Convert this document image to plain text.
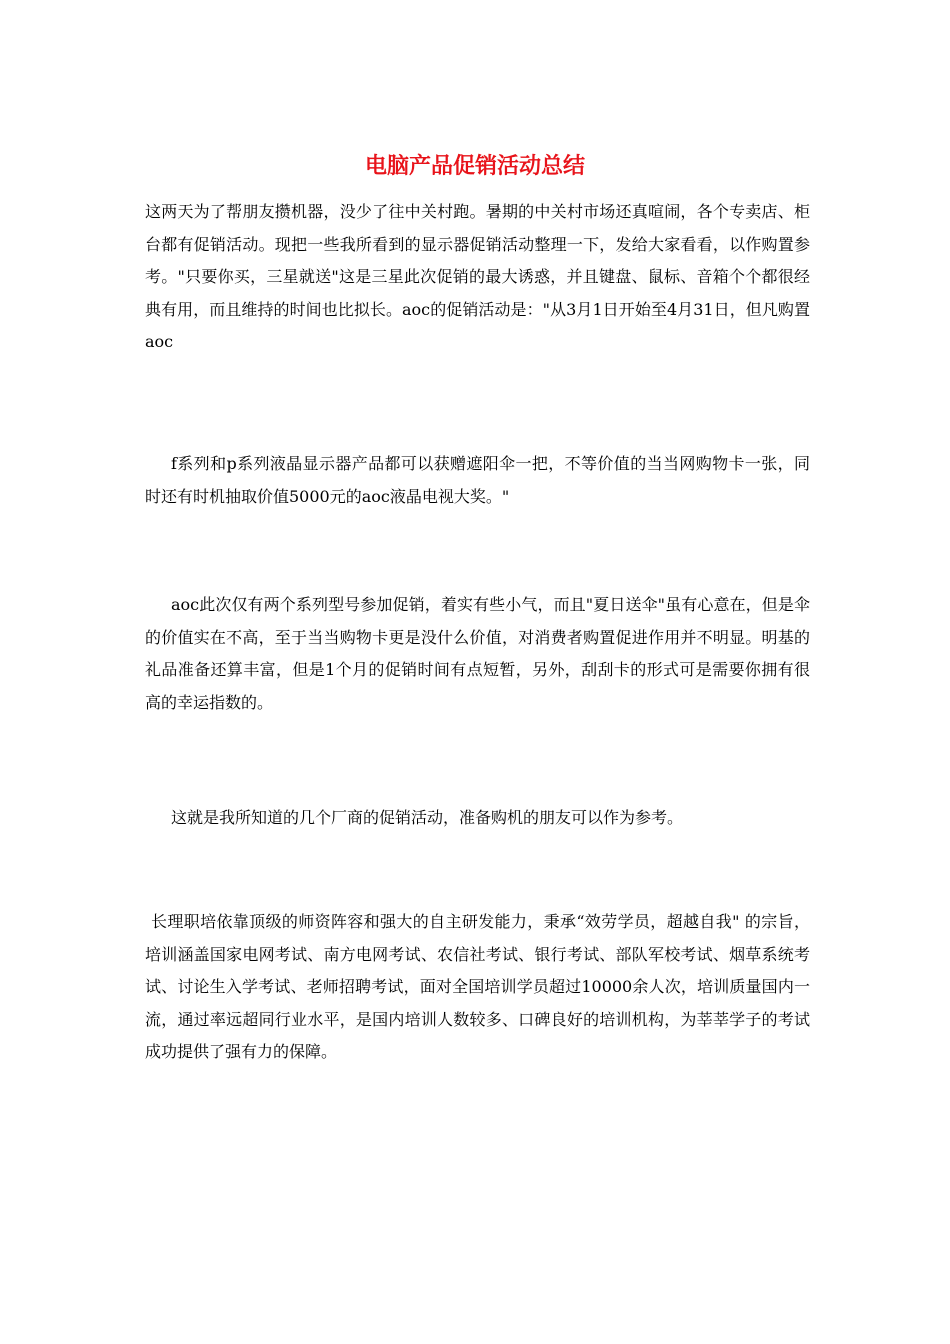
电脑产品促销活动总结

这两天为了帮朋友攒机器，没少了往中关村跑。暑期的中关村市场还真喧闹，各个专卖店、柜台都有促销活动。现把一些我所看到的显示器促销活动整理一下，发给大家看看，以作购置参考。"只要你买，三星就送"这是三星此次促销的最大诱惑，并且键盘、鼠标、音箱个个都很经典有用，而且维持的时间也比拟长。aoc的促销活动是："从3月1日开始至4月31日，但凡购置aoc

f系列和p系列液晶显示器产品都可以获赠遮阳伞一把，不等价值的当当网购物卡一张，同时还有时机抽取价值5000元的aoc液晶电视大奖。"

aoc此次仅有两个系列型号参加促销，着实有些小气，而且"夏日送伞"虽有心意在，但是伞的价值实在不高，至于当当购物卡更是没什么价值，对消费者购置促进作用并不明显。明基的礼品准备还算丰富，但是1个月的促销时间有点短暂，另外，刮刮卡的形式可是需要你拥有很高的幸运指数的。

这就是我所知道的几个厂商的促销活动，准备购机的朋友可以作为参考。

长理职培依靠顶级的师资阵容和强大的自主研发能力，秉承“效劳学员，超越自我" 的宗旨，培训涵盖国家电网考试、南方电网考试、农信社考试、银行考试、部队军校考试、烟草系统考试、讨论生入学考试、老师招聘考试，面对全国培训学员超过10000余人次，培训质量国内一流，通过率远超同行业水平，是国内培训人数较多、口碑良好的培训机构，为莘莘学子的考试成功提供了强有力的保障。
